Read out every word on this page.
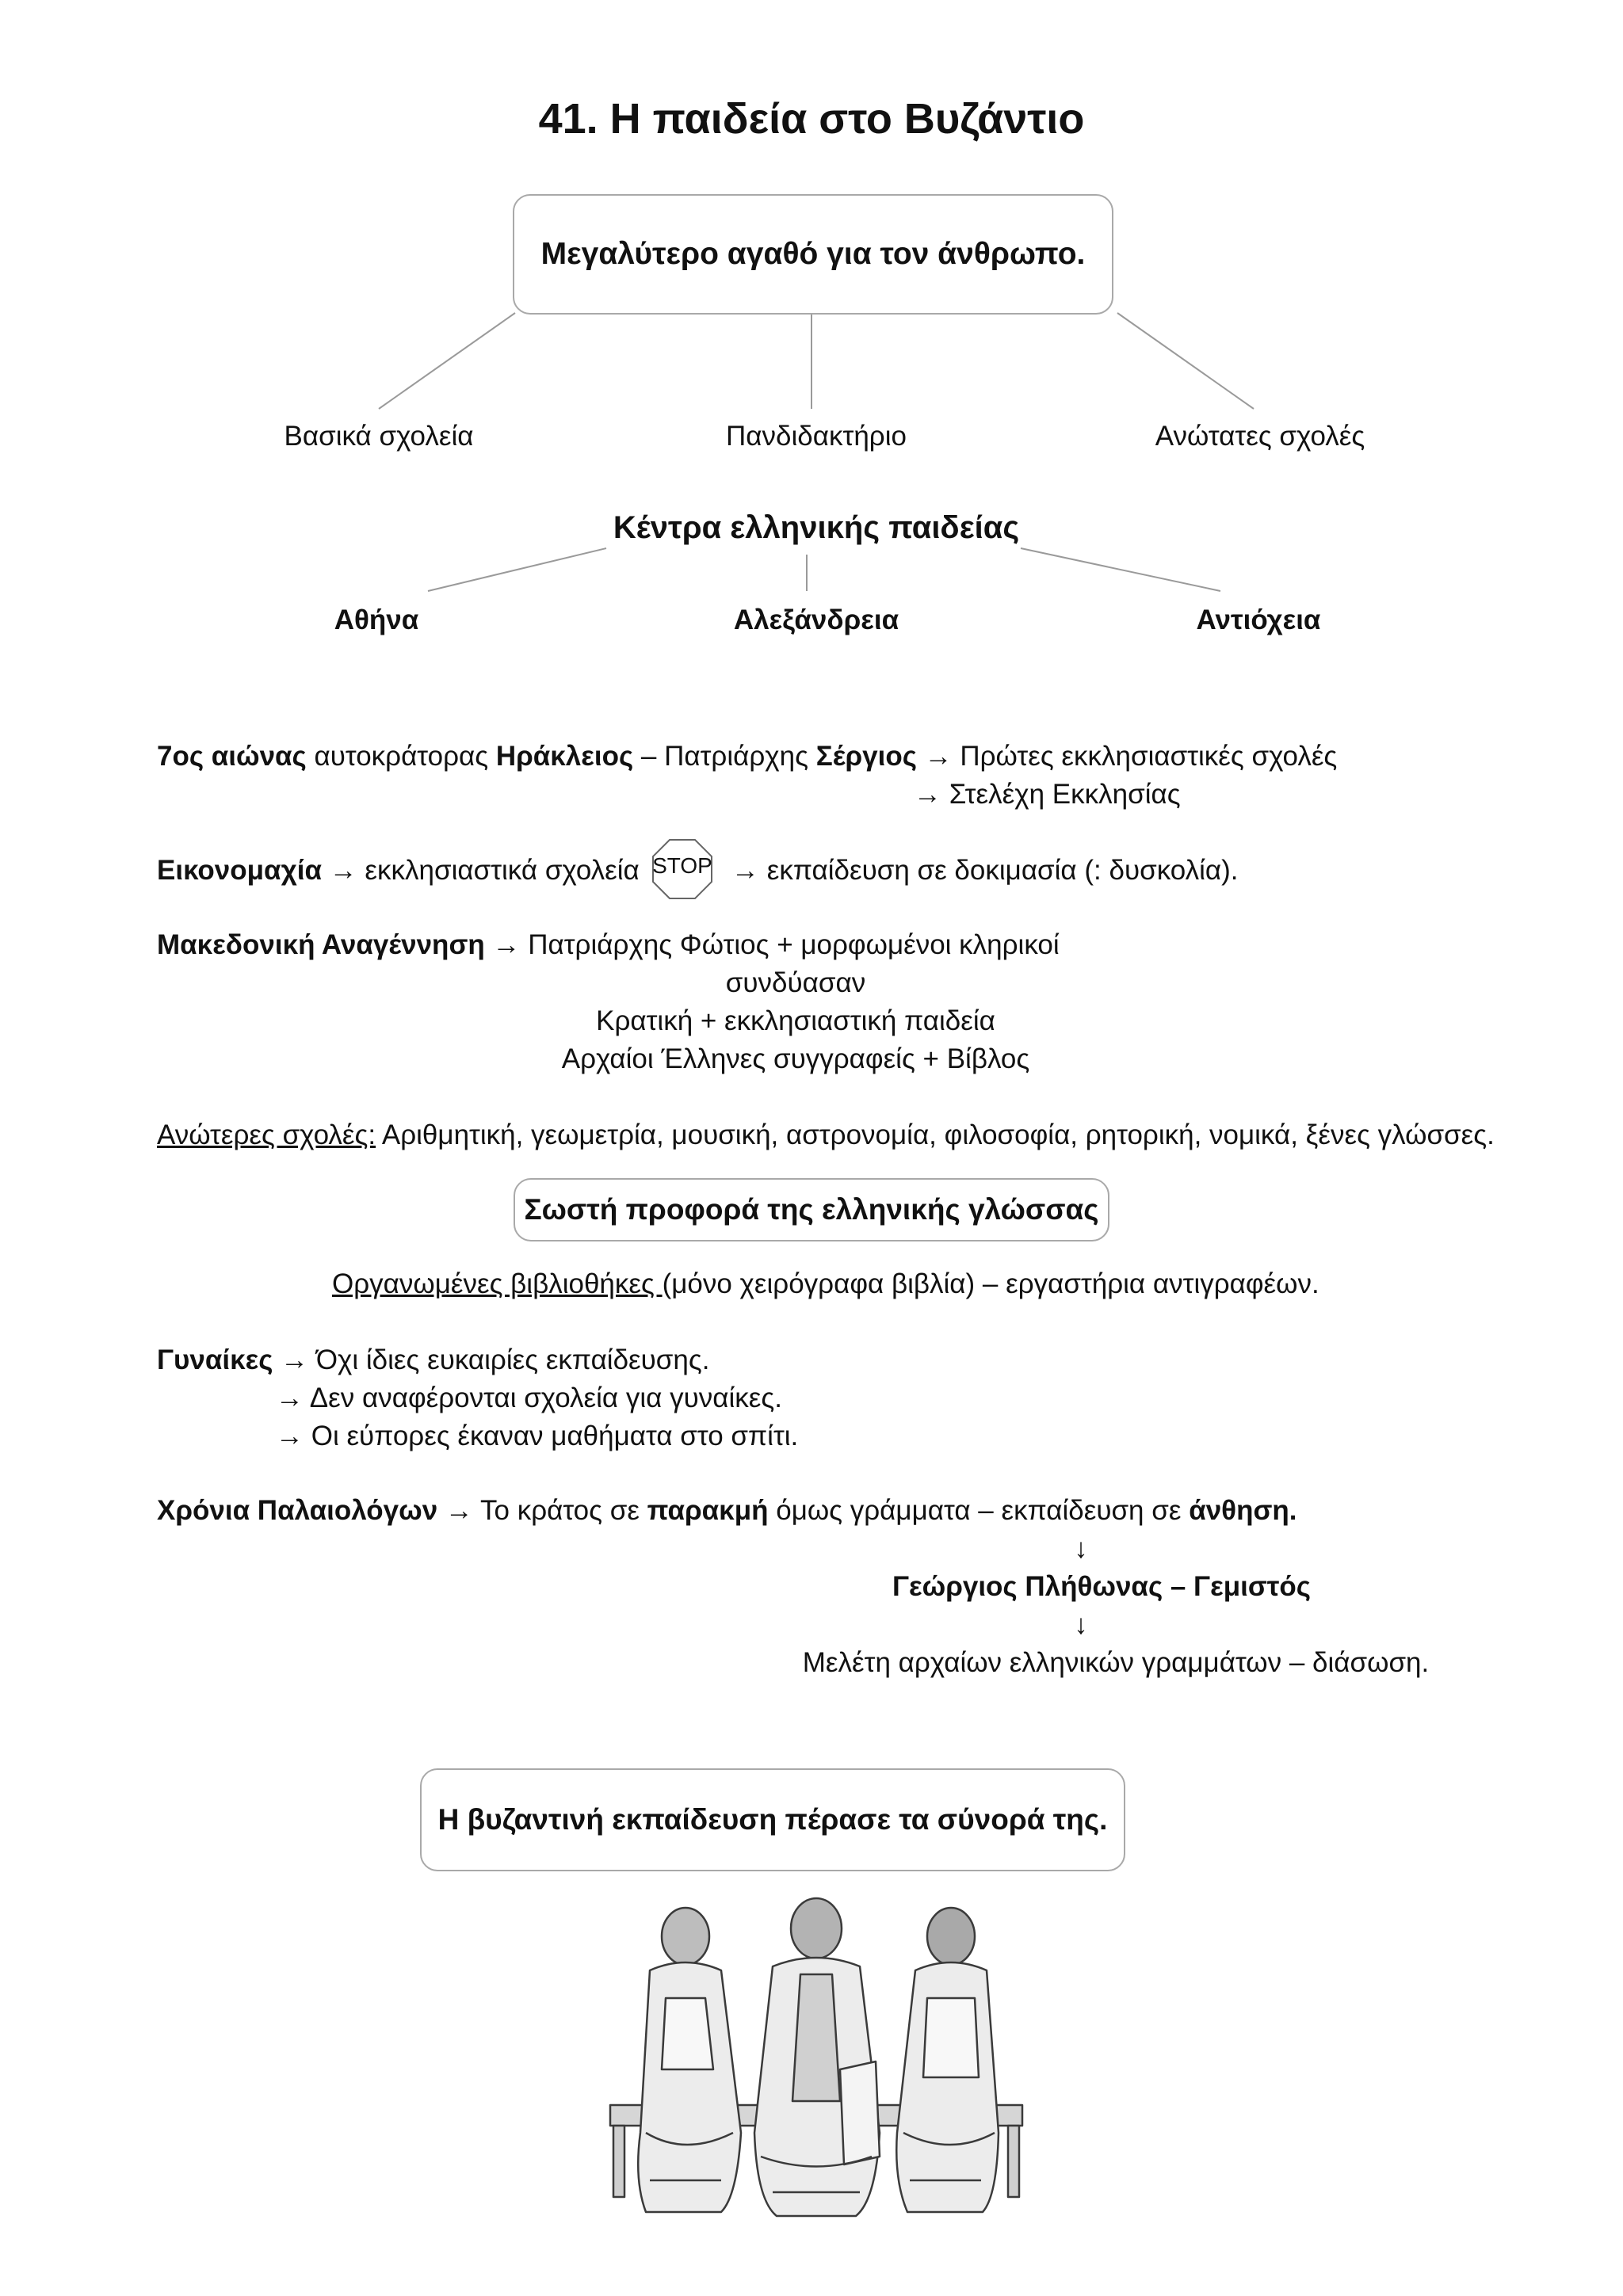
41. Η παιδεία στο Βυζάντιο
Μεγαλύτερο αγαθό για τον άνθρωπο.
Βασικά σχολεία	Πανδιδακτήριο	Ανώτατες σχολές
Κέντρα ελληνικής παιδείας
Αθήνα	Αλεξάνδρεια	Αντιόχεια
7ος αιώνας αυτοκράτορας Ηράκλειος – Πατριάρχης Σέργιος → Πρώτες εκκλησιαστικές σχολές
→ Στελέχη Εκκλησίας
Εικονομαχία → εκκλησιαστικά σχολεία STOP → εκπαίδευση σε δοκιμασία (: δυσκολία).
Μακεδονική Αναγέννηση → Πατριάρχης Φώτιος + μορφωμένοι κληρικοί
συνδύασαν
Κρατική + εκκλησιαστική παιδεία
Αρχαίοι Έλληνες συγγραφείς + Βίβλος
Ανώτερες σχολές: Αριθμητική, γεωμετρία, μουσική, αστρονομία, φιλοσοφία, ρητορική, νομικά, ξένες γλώσσες.
Σωστή προφορά της ελληνικής γλώσσας
Οργανωμένες βιβλιοθήκες (μόνο χειρόγραφα βιβλία) – εργαστήρια αντιγραφέων.
Γυναίκες → Όχι ίδιες ευκαιρίες εκπαίδευσης.
→ Δεν αναφέρονται σχολεία για γυναίκες.
→ Οι εύπορες έκαναν μαθήματα στο σπίτι.
Χρόνια Παλαιολόγων → Το κράτος σε παρακμή όμως γράμματα – εκπαίδευση σε άνθηση.
↓
Γεώργιος Πλήθωνας – Γεμιστός
↓
Μελέτη αρχαίων ελληνικών γραμμάτων – διάσωση.
Η βυζαντινή εκπαίδευση πέρασε τα σύνορά της.
